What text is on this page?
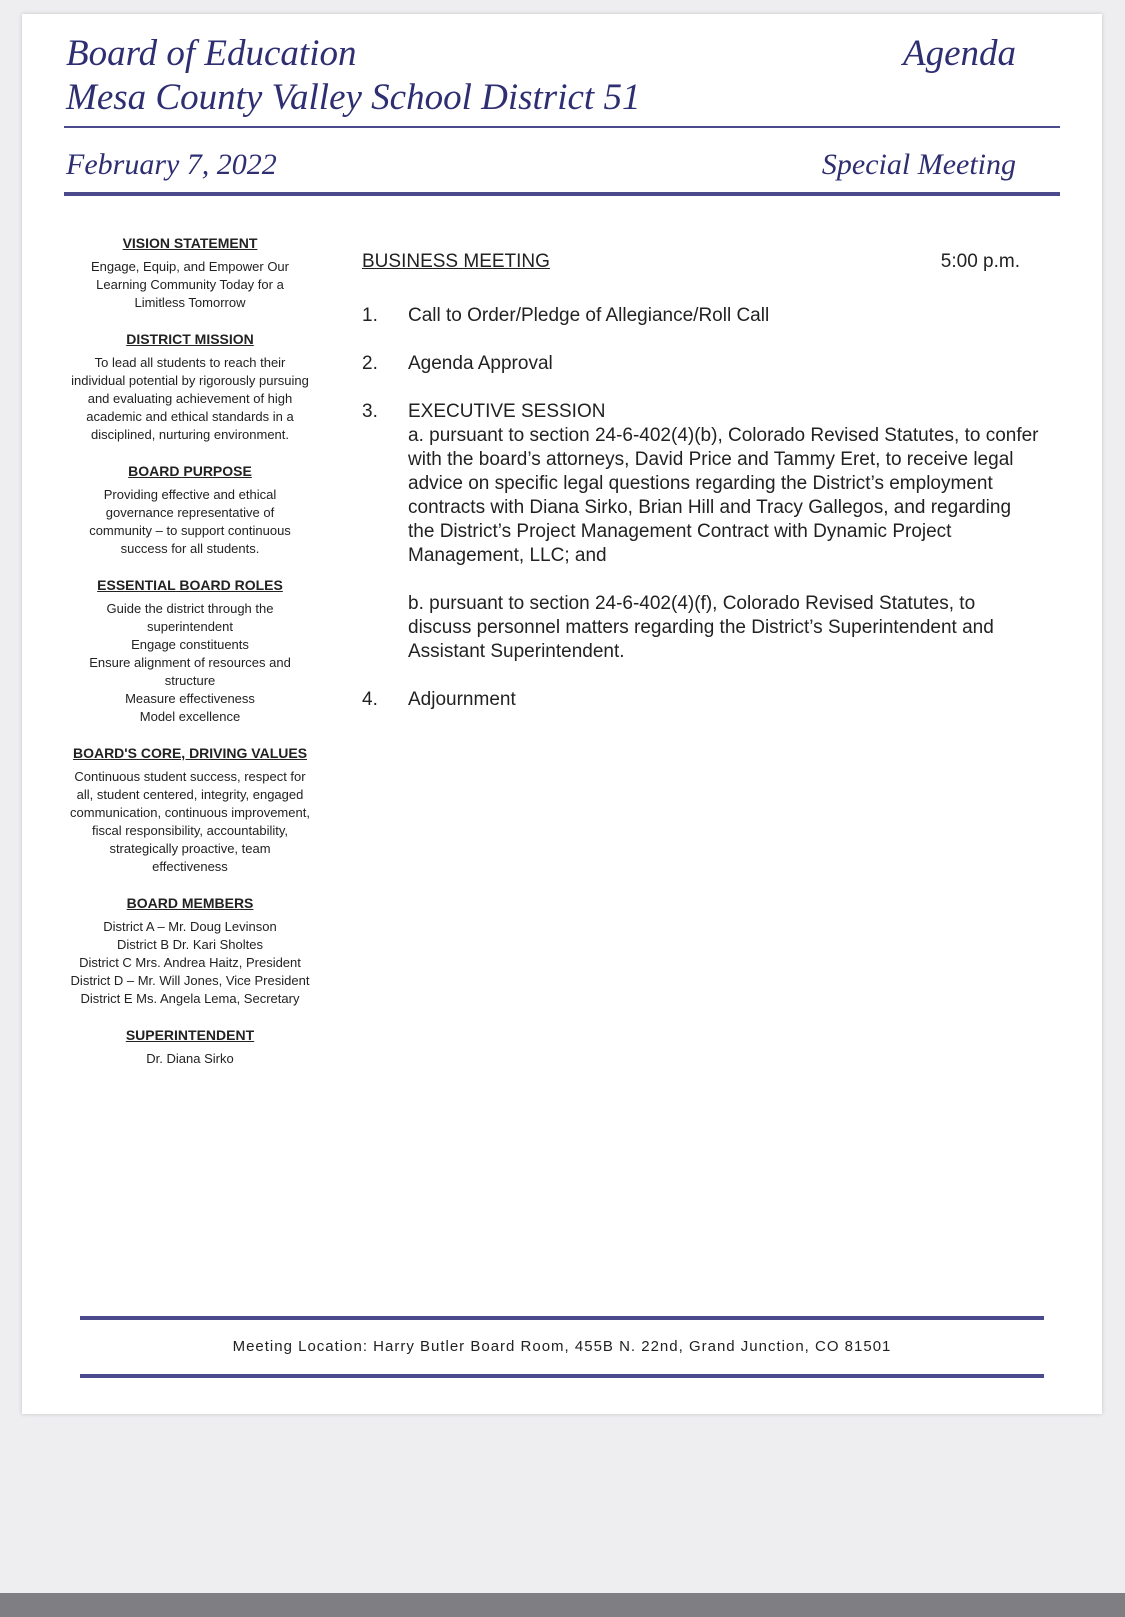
Board of Education
Mesa County Valley School District 51
Agenda
February 7, 2022	Special Meeting
VISION STATEMENT
Engage, Equip, and Empower Our
Learning Community Today for a
Limitless Tomorrow
DISTRICT MISSION
To lead all students to reach their
individual potential by rigorously pursuing
and evaluating achievement of high
academic and ethical standards in a
disciplined, nurturing environment.
BOARD PURPOSE
Providing effective and ethical
governance representative of
community – to support continuous
success for all students.
ESSENTIAL BOARD ROLES
Guide the district through the
superintendent
Engage constituents
Ensure alignment of resources and
structure
Measure effectiveness
Model excellence
BOARD'S CORE, DRIVING VALUES
Continuous student success, respect for
all, student centered, integrity, engaged
communication, continuous improvement,
fiscal responsibility, accountability,
strategically proactive, team
effectiveness
BOARD MEMBERS
District A – Mr. Doug Levinson
District B Dr. Kari Sholtes
District C Mrs. Andrea Haitz, President
District D – Mr. Will Jones, Vice President
District E Ms. Angela Lema, Secretary
SUPERINTENDENT
Dr. Diana Sirko
BUSINESS MEETING	5:00 p.m.
1. Call to Order/Pledge of Allegiance/Roll Call
2. Agenda Approval
3. EXECUTIVE SESSION
a. pursuant to section 24-6-402(4)(b), Colorado Revised Statutes, to confer with the board’s attorneys, David Price and Tammy Eret, to receive legal advice on specific legal questions regarding the District’s employment contracts with Diana Sirko, Brian Hill and Tracy Gallegos, and regarding the District’s Project Management Contract with Dynamic Project Management, LLC; and
b. pursuant to section 24-6-402(4)(f), Colorado Revised Statutes, to discuss personnel matters regarding the District’s Superintendent and Assistant Superintendent.
4. Adjournment
Meeting Location: Harry Butler Board Room, 455B N. 22nd, Grand Junction, CO 81501
